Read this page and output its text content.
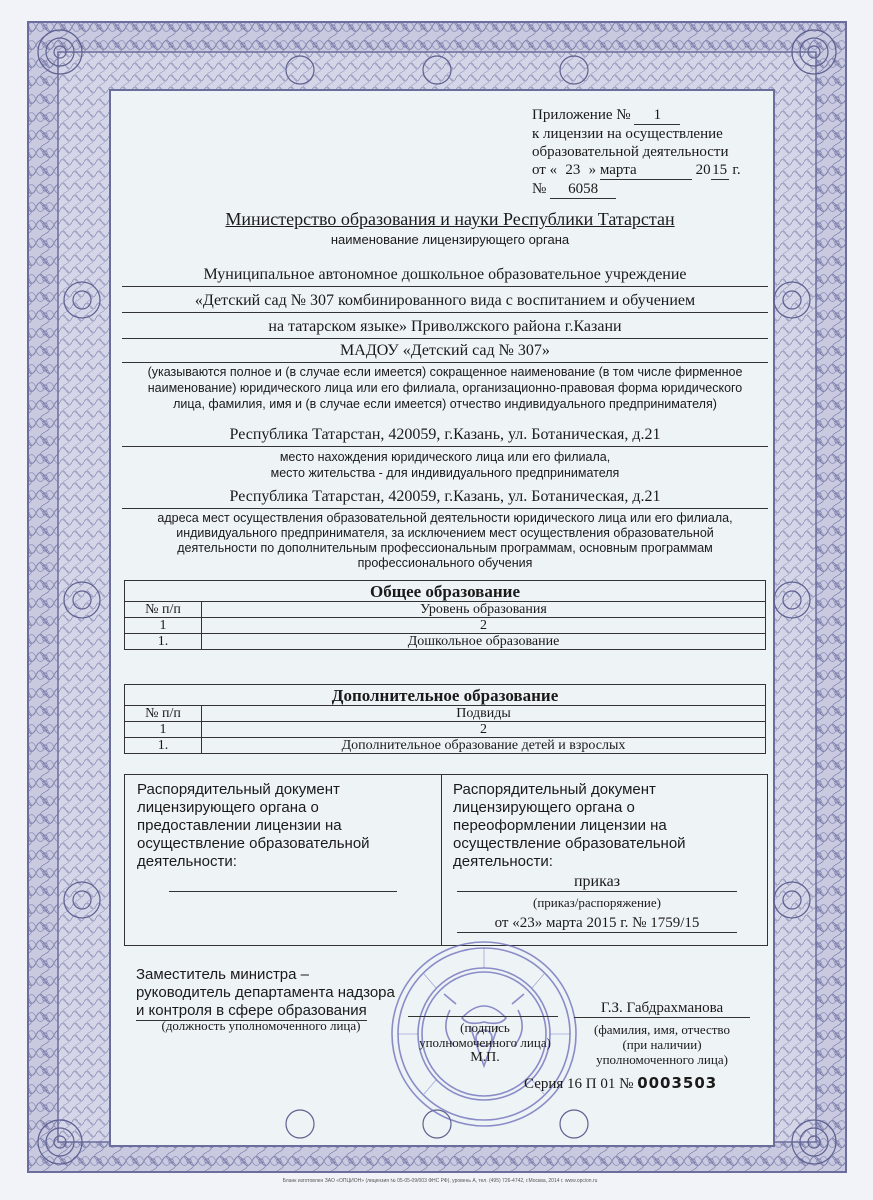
Приложение № 1
к лицензии на осуществление
образовательной деятельности
от « 23 » марта	20 15 г.
№ 6058
Министерство образования и науки Республики Татарстан
наименование лицензирующего органа
Муниципальное автономное дошкольное образовательное учреждение
«Детский сад № 307 комбинированного вида с воспитанием и обучением
на татарском языке» Приволжского района г.Казани
МАДОУ «Детский сад № 307»
(указываются полное и (в случае если имеется) сокращенное наименование (в том числе фирменное
наименование) юридического лица или его филиала, организационно-правовая форма юридического
лица, фамилия, имя и (в случае если имеется) отчество индивидуального предпринимателя)
Республика Татарстан, 420059, г.Казань, ул. Ботаническая, д.21
место нахождения юридического лица или его филиала,
место жительства - для индивидуального предпринимателя
Республика Татарстан, 420059, г.Казань, ул. Ботаническая, д.21
адреса мест осуществления образовательной деятельности юридического лица или его филиала,
индивидуального предпринимателя, за исключением мест осуществления образовательной
деятельности по дополнительным профессиональным программам, основным программам
профессионального обучения
Общее образование	
№ п/п	Уровень образования
1	2
1.	Дошкольное образование
Дополнительное образование	
№ п/п	Подвиды
1	2
1.	Дополнительное образование детей и взрослых
Распорядительный документ
лицензирующего органа о
предоставлении лицензии на
осуществление образовательной
деятельности:
Распорядительный документ
лицензирующего органа о
переоформлении лицензии на
осуществление образовательной
деятельности:
приказ
(приказ/распоряжение)
от «23» марта 2015 г. № 1759/15
Заместитель министра –
руководитель департамента надзора
и контроля в сфере образования
(должность уполномоченного лица)	(подпись
уполномоченного лица)
М.П.
Г.З. Габдрахманова
(фамилия, имя, отчество
(при наличии)
уполномоченного лица)
Серия 16 П 01 № 0003503
Бланк изготовлен ЗАО «ОПЦИОН» (лицензия № 05-05-09/003 ФНС РФ), уровень А, тел. (495) 726-4742, г.Москва, 2014 г. www.opcion.ru
